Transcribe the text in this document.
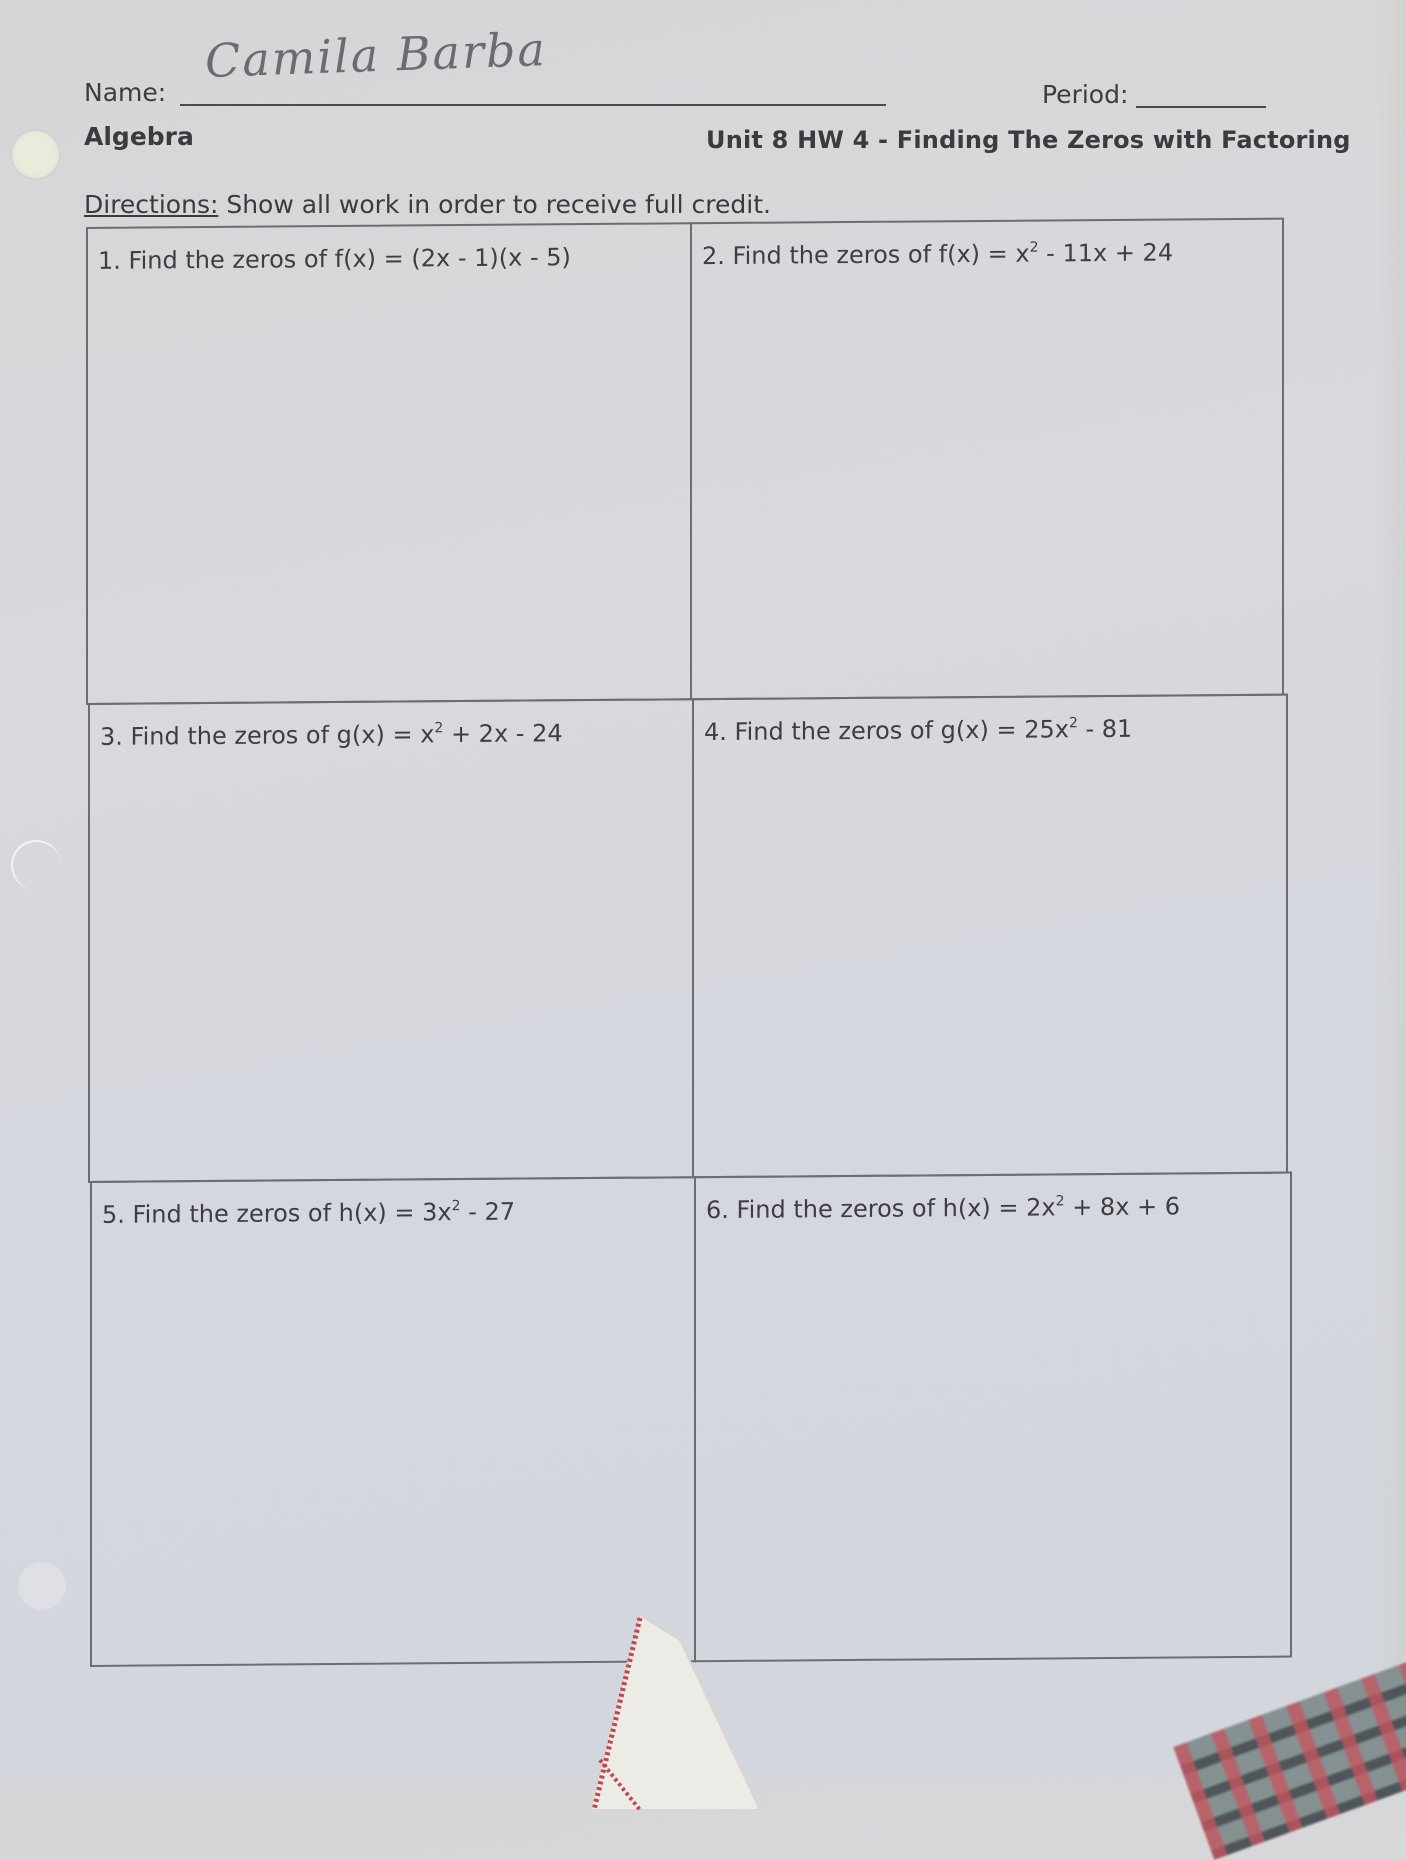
Name:
Camila Barba
Period:
Algebra	Unit 8 HW 4 - Finding The Zeros with Factoring
Directions: Show all work in order to receive full credit.
1. Find the zeros of f(x) = (2x - 1)(x - 5)	2. Find the zeros of $f(x) = x^2 - 11x + 24$
3. Find the zeros of $g(x) = x^2 + 2x - 24$	4. Find the zeros of $g(x) = 25x^2 - 81$
5. Find the zeros of $h(x) = 3x^2 - 27$	6. Find the zeros of $h(x) = 2x^2 + 8x + 6$
